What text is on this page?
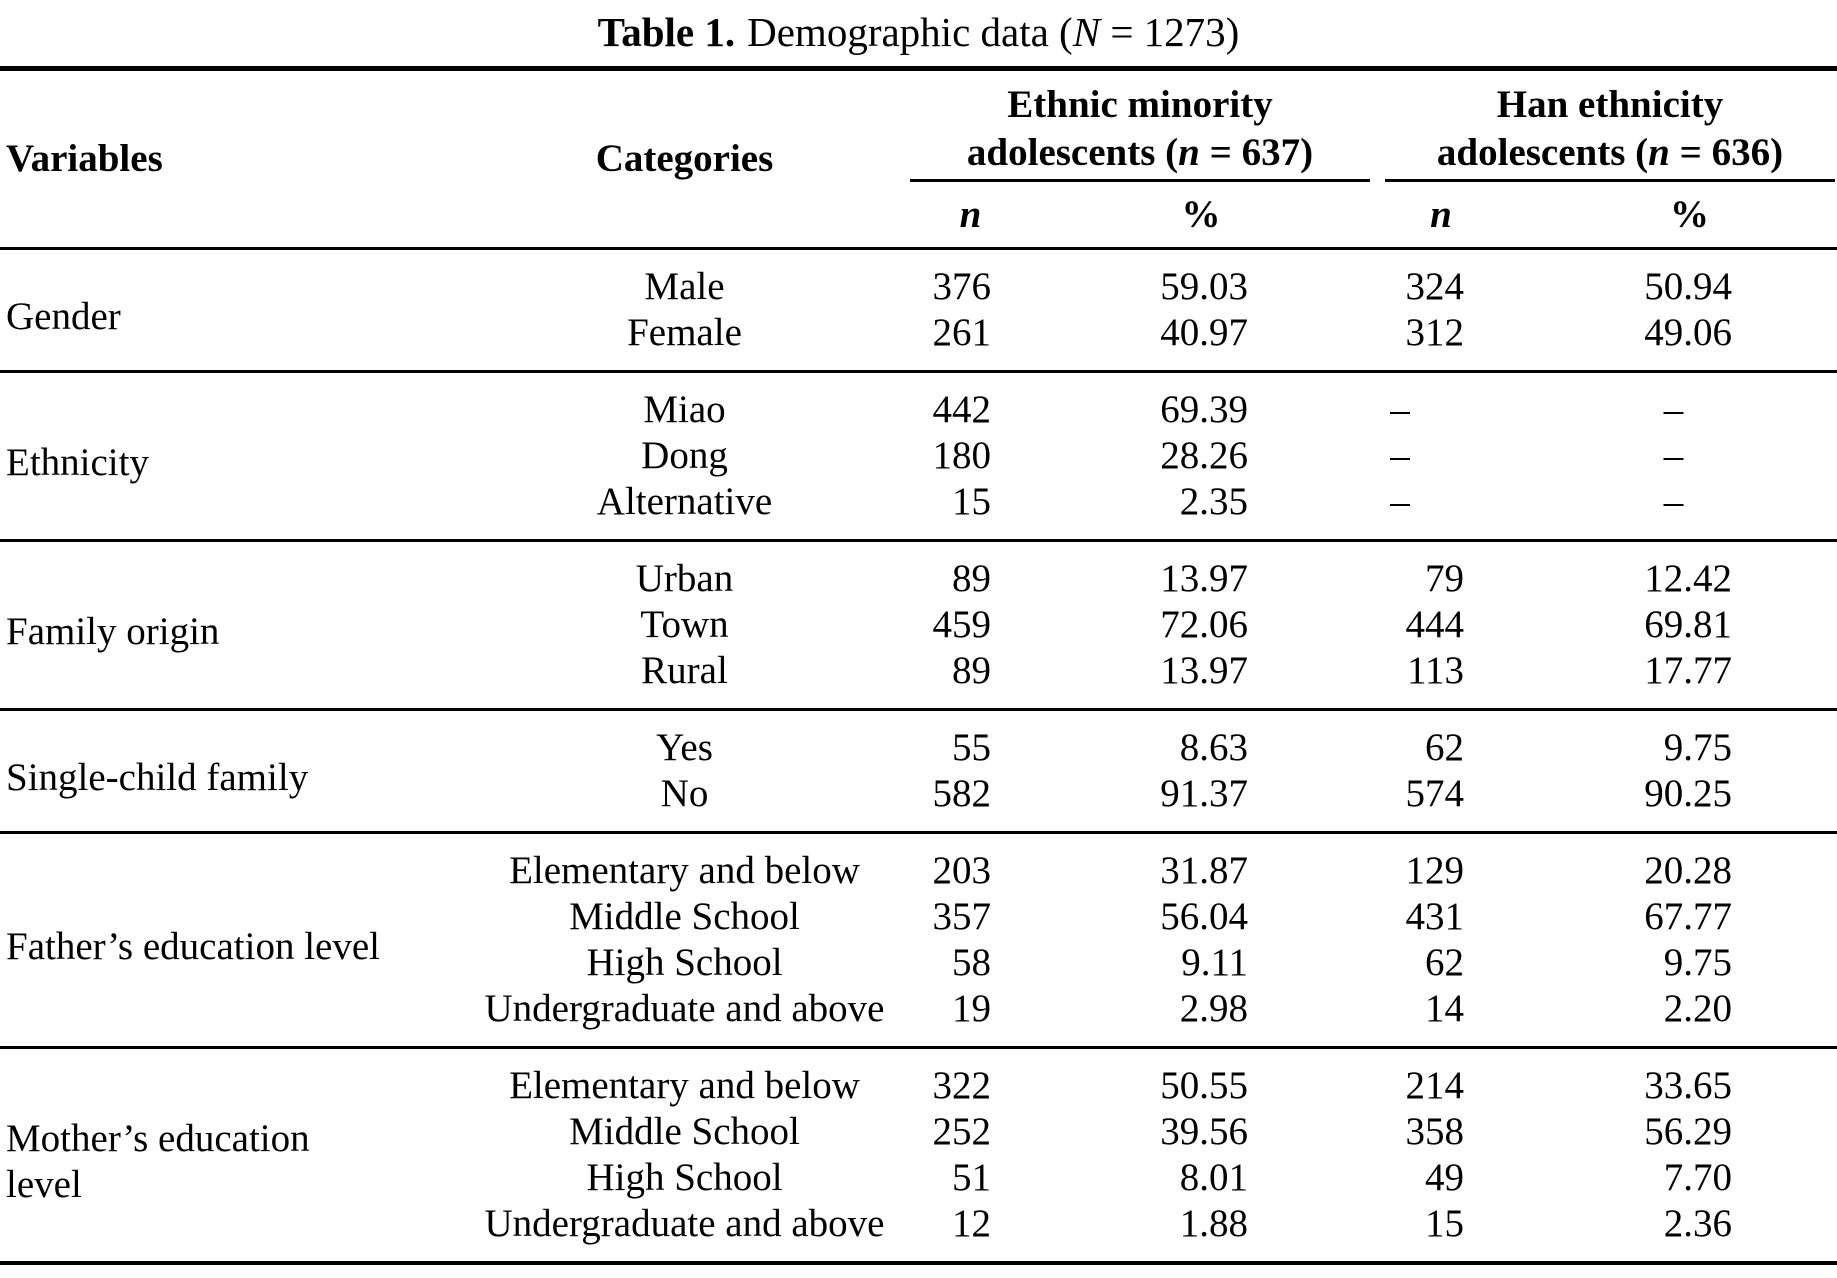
Table 1. Demographic data (N = 1273)
Variables	Categories	
Ethnic minority
adolescents (n = 637)

Han ethnicity
adolescents (n = 636)

n	%	n	%
Gender	Male	376	59.03	324	50.94
Female	261	40.97	312	49.06
Ethnicity	Miao	442	69.39	–	–
Dong	180	28.26	–	–
Alternative	15	2.35	–	–
Family origin	Urban	89	13.97	79	12.42
Town	459	72.06	444	69.81
Rural	89	13.97	113	17.77
Single-child family	Yes	55	8.63	62	9.75
No	582	91.37	574	90.25
Father’s education level	Elementary and below	203	31.87	129	20.28
Middle School	357	56.04	431	67.77
High School	58	9.11	62	9.75
Undergraduate and above	19	2.98	14	2.20
Mother’s education level	Elementary and below	322	50.55	214	33.65
Middle School	252	39.56	358	56.29
High School	51	8.01	49	7.70
Undergraduate and above	12	1.88	15	2.36
